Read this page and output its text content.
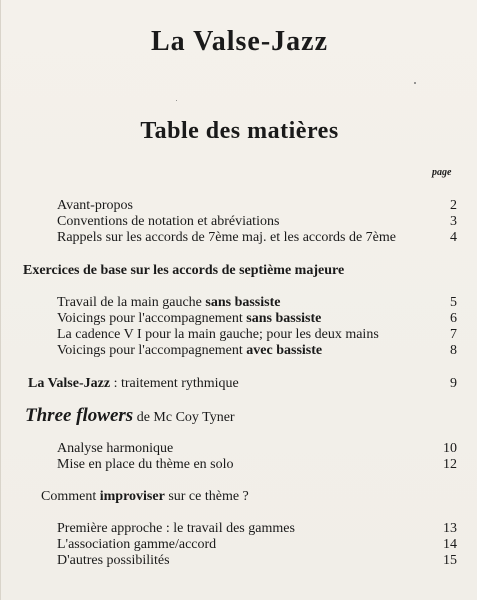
La Valse-Jazz
Table des matières
page
Avant-propos	2
Conventions de notation et abréviations	3
Rappels sur les accords de 7ème maj. et les accords de 7ème	4
Exercices de base sur les accords de septième majeure
Travail de la main gauche sans bassiste	5
Voicings pour l'accompagnement sans bassiste	6
La cadence V I pour la main gauche; pour les deux mains	7
Voicings pour l'accompagnement avec bassiste	8
La Valse-Jazz : traitement rythmique	9
Three flowers de Mc Coy Tyner
Analyse harmonique	10
Mise en place du thème en solo	12
Comment improviser sur ce thème ?
Première approche : le travail des gammes	13
L'association gamme/accord	14
D'autres possibilités	15
